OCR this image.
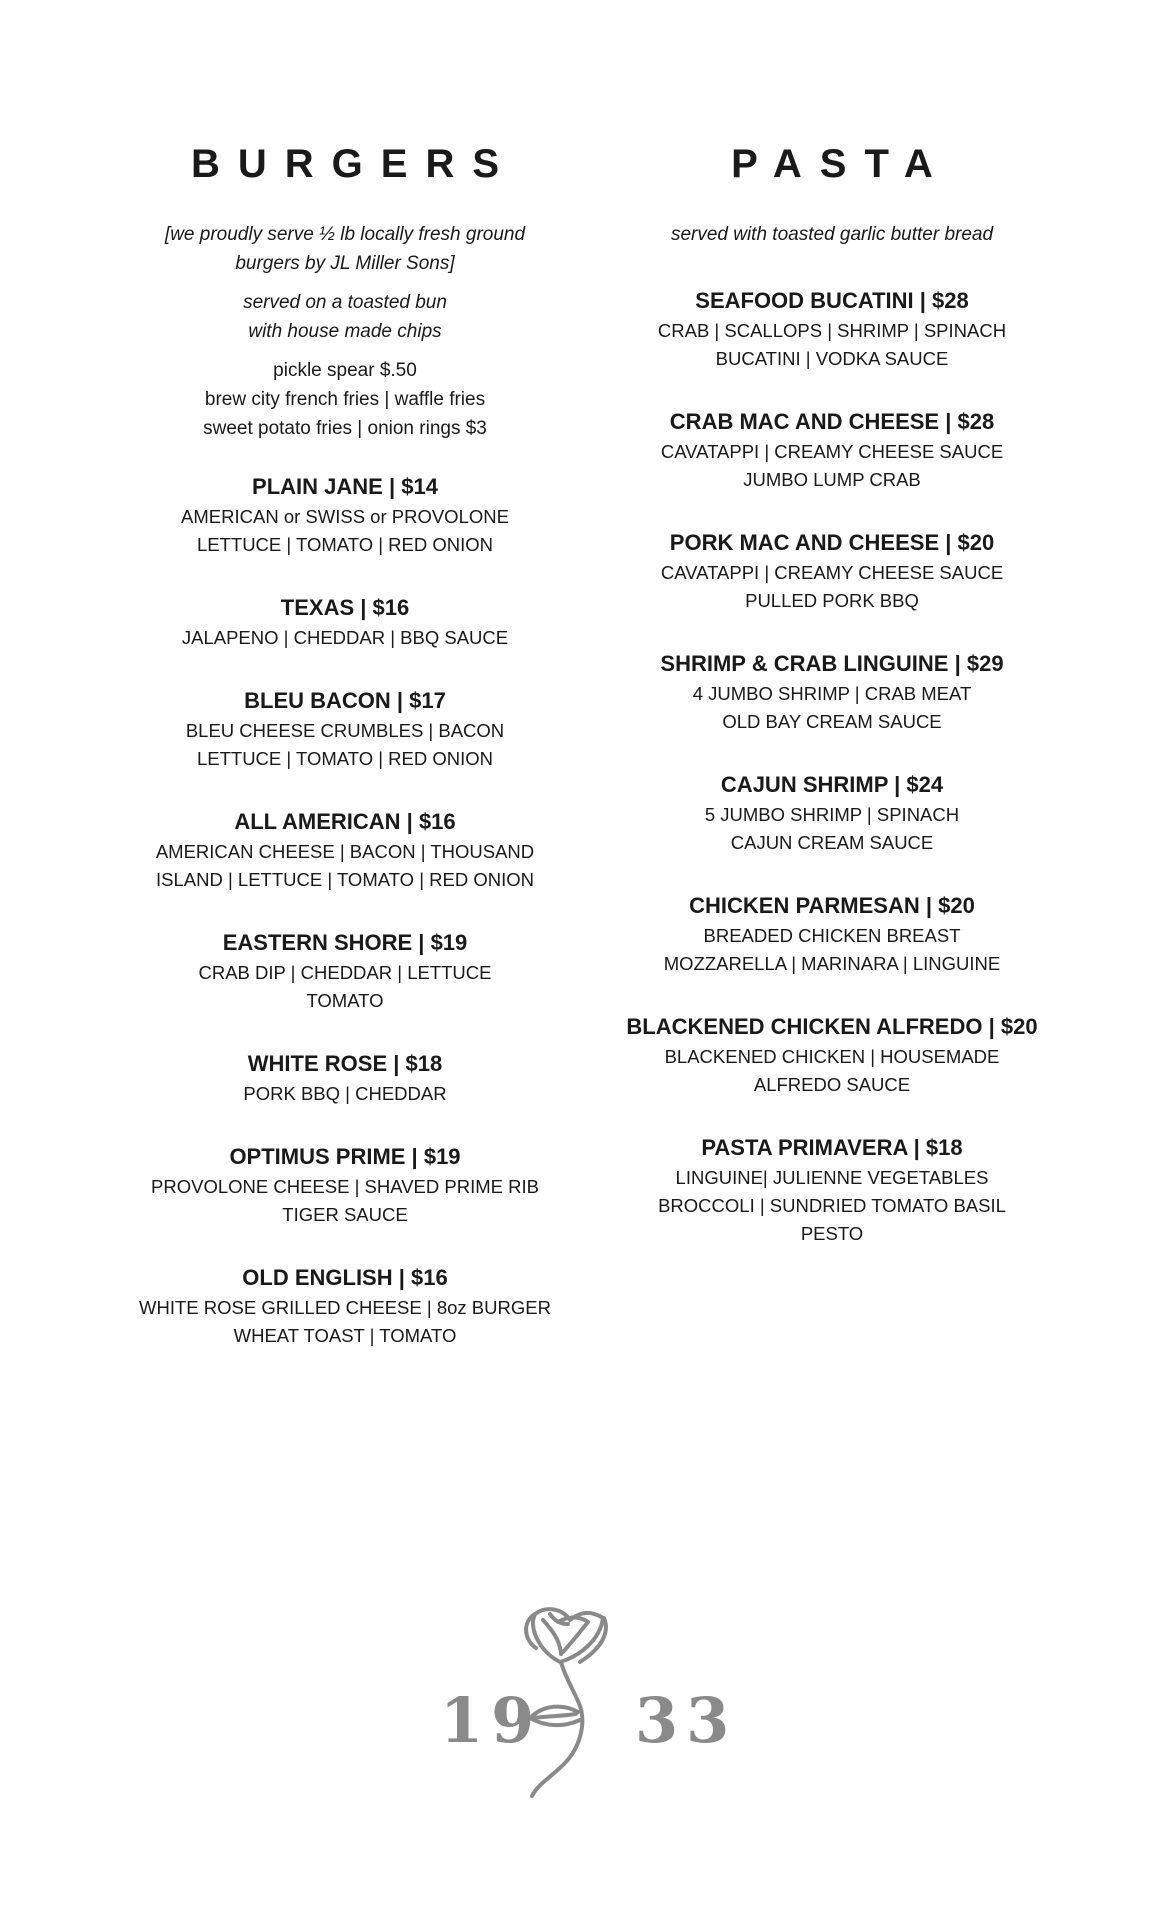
BURGERS

[we proudly serve ½ lb locally fresh ground
burgers by JL Miller Sons]

served on a toasted bun
with house made chips

pickle spear $.50
brew city french fries | waffle fries
sweet potato fries | onion rings $3
PLAIN JANE | $14
AMERICAN or SWISS or PROVOLONE
LETTUCE | TOMATO | RED ONION
TEXAS | $16
JALAPENO | CHEDDAR | BBQ SAUCE
BLEU BACON | $17
BLEU CHEESE CRUMBLES | BACON
LETTUCE | TOMATO | RED ONION
ALL AMERICAN | $16
AMERICAN CHEESE | BACON | THOUSAND
ISLAND | LETTUCE | TOMATO | RED ONION
EASTERN SHORE | $19
CRAB DIP | CHEDDAR | LETTUCE
TOMATO
WHITE ROSE | $18
PORK BBQ | CHEDDAR
OPTIMUS PRIME | $19
PROVOLONE CHEESE | SHAVED PRIME RIB
TIGER SAUCE
OLD ENGLISH | $16
WHITE ROSE GRILLED CHEESE | 8oz BURGER
WHEAT TOAST | TOMATO
PASTA

served with toasted garlic butter bread

SEAFOOD BUCATINI | $28
CRAB | SCALLOPS | SHRIMP | SPINACH
BUCATINI | VODKA SAUCE
CRAB MAC AND CHEESE | $28
CAVATAPPI | CREAMY CHEESE SAUCE
JUMBO LUMP CRAB
PORK MAC AND CHEESE | $20
CAVATAPPI | CREAMY CHEESE SAUCE
PULLED PORK BBQ
SHRIMP & CRAB LINGUINE | $29
4 JUMBO SHRIMP | CRAB MEAT
OLD BAY CREAM SAUCE
CAJUN SHRIMP | $24
5 JUMBO SHRIMP | SPINACH
CAJUN CREAM SAUCE
CHICKEN PARMESAN | $20
BREADED CHICKEN BREAST
MOZZARELLA | MARINARA | LINGUINE
BLACKENED CHICKEN ALFREDO | $20
BLACKENED CHICKEN | HOUSEMADE
ALFREDO SAUCE
PASTA PRIMAVERA | $18
LINGUINE| JULIENNE VEGETABLES
BROCCOLI | SUNDRIED TOMATO BASIL
PESTO
19 33
